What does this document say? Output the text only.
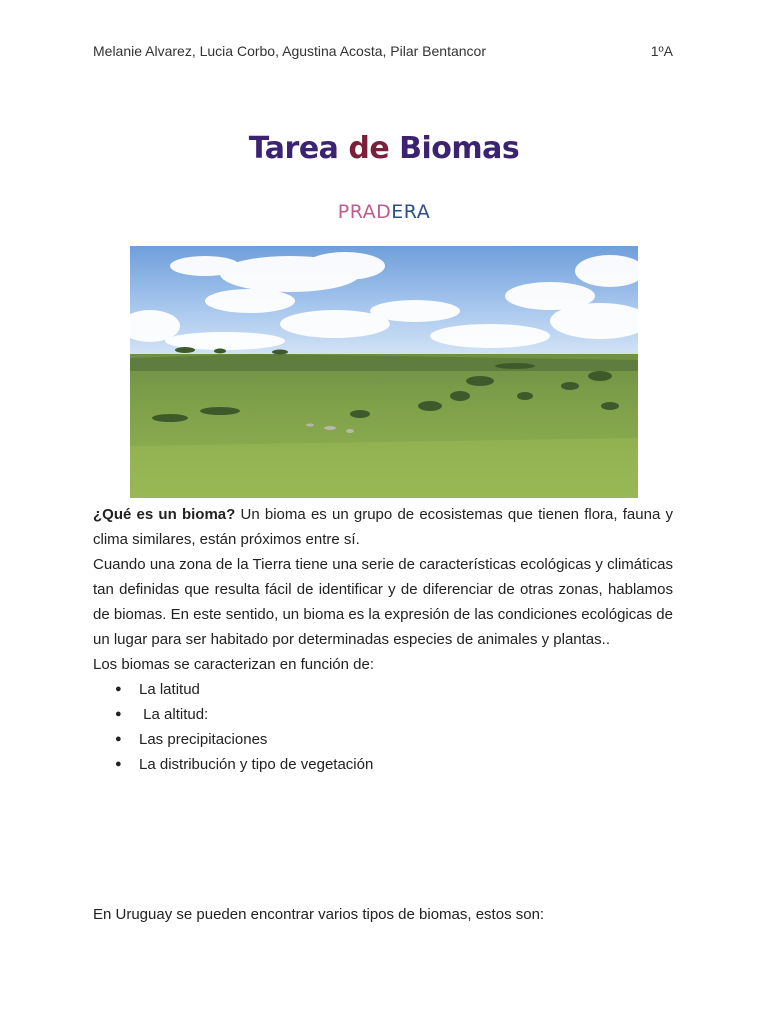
Melanie Alvarez, Lucia Corbo, Agustina Acosta, Pilar Bentancor	1ºA
Tarea de Biomas
PRADERA

¿Qué es un bioma? Un bioma es un grupo de ecosistemas que tienen flora, fauna y clima similares, están próximos entre sí.

Cuando una zona de la Tierra tiene una serie de características ecológicas y climáticas tan definidas que resulta fácil de identificar y de diferenciar de otras zonas, hablamos de biomas. En este sentido, un bioma es la expresión de las condiciones ecológicas de un lugar para ser habitado por determinadas especies de animales y plantas..

Los biomas se caracterizan en función de:

● La latitud
●  La altitud:
● Las precipitaciones
● La distribución y tipo de vegetación
En Uruguay se pueden encontrar varios tipos de biomas, estos son:
